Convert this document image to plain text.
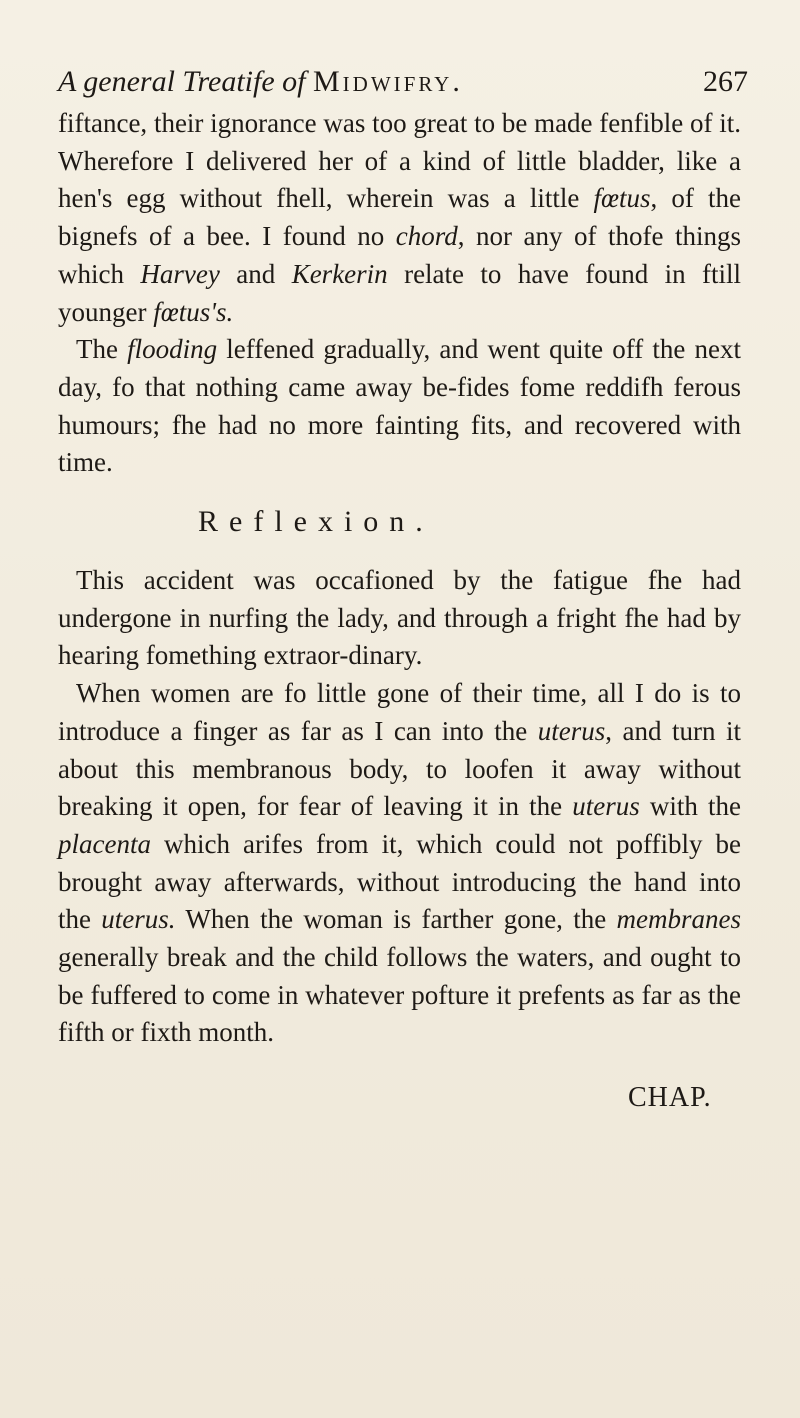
A general Treatife of Midwifry.	267

fiftance, their ignorance was too great to be made fenfible of it. Wherefore I delivered her of a kind of little bladder, like a hen's egg without fhell, wherein was a little fœtus, of the bignefs of a bee. I found no chord, nor any of thofe things which Harvey and Kerkerin relate to have found in ftill younger fœtus's.

The flooding leffened gradually, and went quite off the next day, fo that nothing came away be-fides fome reddifh ferous humours; fhe had no more fainting fits, and recovered with time.

Reflexion.

This accident was occafioned by the fatigue fhe had undergone in nurfing the lady, and through a fright fhe had by hearing fomething extraor-dinary.

When women are fo little gone of their time, all I do is to introduce a finger as far as I can into the uterus, and turn it about this membranous body, to loofen it away without breaking it open, for fear of leaving it in the uterus with the placenta which arifes from it, which could not poffibly be brought away afterwards, without introducing the hand into the uterus. When the woman is farther gone, the membranes generally break and the child follows the waters, and ought to be fuffered to come in whatever pofture it prefents as far as the fifth or fixth month.

CHAP.
